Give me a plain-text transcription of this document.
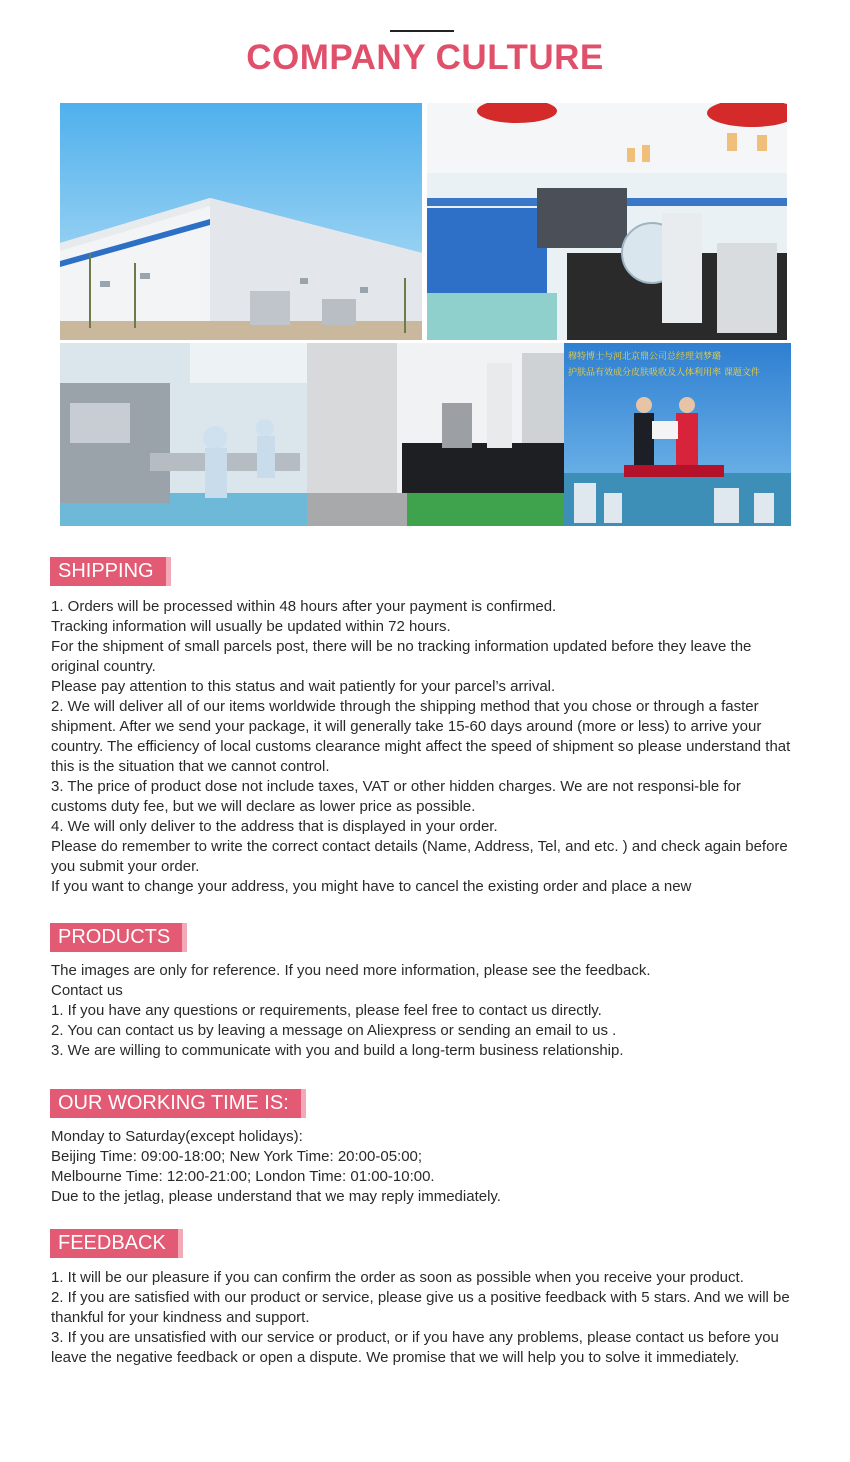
COMPANY CULTURE
穆特博士与河北京鼎公司总经理刘梦璐
护肤品有效成分皮肤吸收及人体利用率 课题文件
SHIPPING

1. Orders will be processed within 48 hours after your payment is confirmed.

Tracking information will usually be updated within 72 hours.

For the shipment of small parcels post, there will be no tracking information updated before they leave the original country.

Please pay attention to this status and wait patiently for your parcel’s arrival.

2. We will deliver all of our items worldwide through the shipping method that you chose or through a faster shipment. After we send your package, it will generally take 15-60 days around (more or less) to arrive your country. The efficiency of local customs clearance might affect the speed of shipment so please understand that this is the situation that we cannot control.

3. The price of product dose not include taxes, VAT or other hidden charges. We are not responsi-ble for customs duty fee, but we will declare as lower price as possible.

4. We will only deliver to the address that is displayed in your order.

Please do remember to write the correct contact details (Name, Address, Tel, and etc. ) and check again before you submit your order.

If you want to change your address, you might have to cancel the existing order and place a new

PRODUCTS

The images are only for reference. If you need more information, please see the feedback.

Contact us

1. If you have any questions or requirements, please feel free to contact us directly.

2. You can contact us by leaving a message on Aliexpress or sending an email to us .

3. We are willing to communicate with you and build a long-term business relationship.

OUR WORKING TIME IS:

Monday to Saturday(except holidays):

Beijing Time: 09:00-18:00; New York Time: 20:00-05:00;

Melbourne Time: 12:00-21:00; London Time: 01:00-10:00.

Due to the jetlag, please understand that we may reply immediately.

FEEDBACK

1. It will be our pleasure if you can confirm the order as soon as possible when you receive your product.

2. If you are satisfied with our product or service, please give us a positive feedback with 5 stars. And we will be thankful for your kindness and support.

3. If you are unsatisfied with our service or product, or if you have any problems, please contact us before you leave the negative feedback or open a dispute. We promise that we will help you to solve it immediately.
